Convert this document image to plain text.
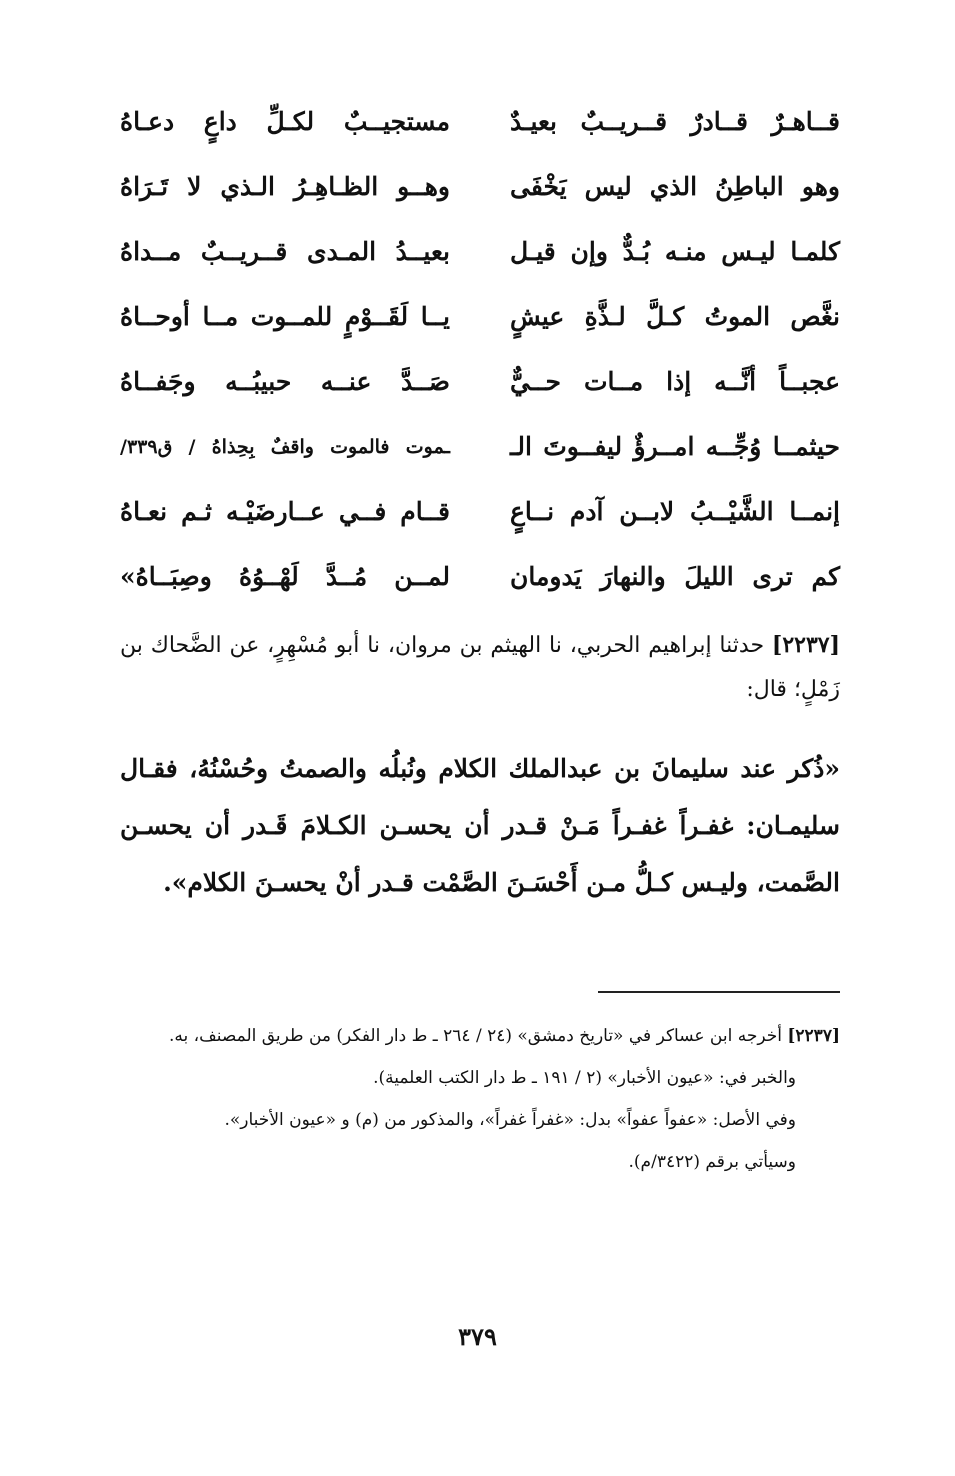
قــاهـرٌ قــادرٌ قــريــبٌ بعيـدٌ
مستجيــبٌ لكـلِّ داعٍ دعـاهُ
وهو الباطِنُ الذي ليس يَخْفَى
وهــو الظـاهِـرُ الـذي لا تَـرَاهُ
كلمـا ليـس منـه بُـدٌّ وإن قيـل
بعيــدُ المـدى قــريــبٌ مــداهُ
نغَّص الموتُ كـلَّ لـذَّةِ عيشٍ
يــا لَقَــوْمٍ للمــوت مــا أوحــاهُ
عجبــاً أنَّــه إذا مــات حــيٌّ
صَــدَّ عنــه حبيبُــه وجَفــاهُ
حيثمــا وُجِّــه امــرؤٌ ليفــوتَ الـ
ـموت فالموت واقفٌ بِحِذاهُ / ق٣٣٩/
إنمــا الشَّيْــبُ لابــن آدم نــاعٍ
قــام فــي عــارضَيْـه ثـم نعـاهُ
كم ترى الليلَ والنهارَ يَدومان
لمــن مُــدَّ لَهْــوُهُ وصِبَــاهُ»
[٢٢٣٧] حدثنا إبراهيم الحربي، نا الهيثم بن مروان، نا أبو مُسْهِرٍ، عن الضَّحاك بن زَمْلٍ؛ قال:
«ذُكر عند سليمانَ بن عبدالملك الكلام ونُبلُه والصمتُ وحُسْنُهُ، فقـال سليمـان: غفـراً غفـراً مَـنْ قـدر أن يحسـن الكـلامَ قَـدر أن يحسـن الصَّمت، وليـس كـلُّ مـن أَحْسَـنَ الصَّمْت قـدر أنْ يحسـنَ الكلام».

[٢٢٣٧] أخرجه ابن عساكر في «تاريخ دمشق» (٢٤ / ٢٦٤ ـ ط دار الفكر) من طريق المصنف، به.

والخبر في: «عيون الأخبار» (٢ / ١٩١ ـ ط دار الكتب العلمية).

وفي الأصل: «عفواً عفواً» بدل: «غفراً غفراً»، والمذكور من (م) و «عيون الأخبار».

وسيأتي برقم (٣٤٢٢/م).

٣٧٩
